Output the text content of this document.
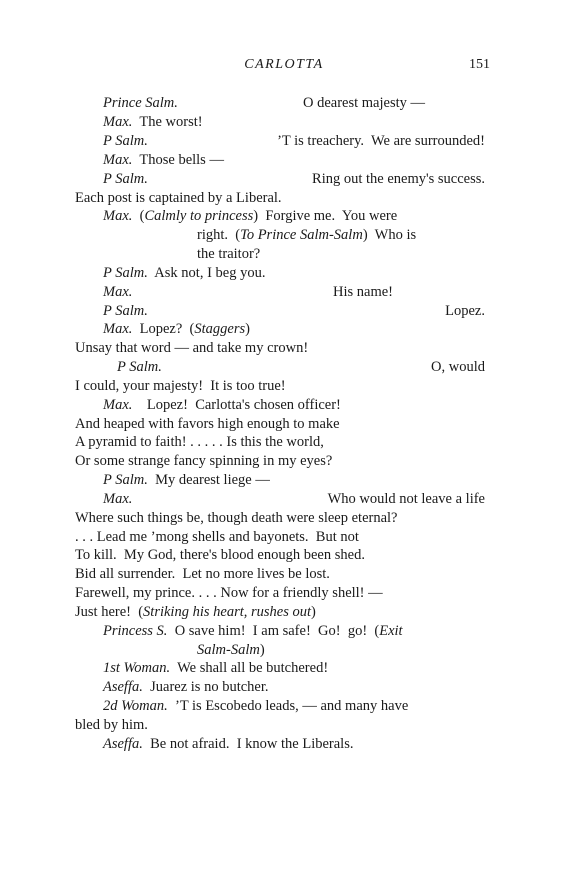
CARLOTTA	151
Prince Salm.	O dearest majesty —
Max.  The worst!
P Salm.	’T is treachery.  We are surrounded!
Max.  Those bells —
P Salm.	Ring out the enemy's success.
Each post is captained by a Liberal.
Max.  (Calmly to princess)  Forgive me.  You were
right.  (To Prince Salm-Salm)  Who is
the traitor?
P Salm.  Ask not, I beg you.
Max.	His name!
P Salm.	Lopez.
Max.  Lopez?  (Staggers)
Unsay that word — and take my crown!
P Salm.	O, would
I could, your majesty!  It is too true!
Max.    Lopez!  Carlotta's chosen officer!
And heaped with favors high enough to make
A pyramid to faith! . . . . . Is this the world,
Or some strange fancy spinning in my eyes?
P Salm.  My dearest liege —
Max.	Who would not leave a life
Where such things be, though death were sleep eternal?
. . . Lead me ’mong shells and bayonets.  But not
To kill.  My God, there's blood enough been shed.
Bid all surrender.  Let no more lives be lost.
Farewell, my prince. . . . Now for a friendly shell! —
Just here!  (Striking his heart, rushes out)
Princess S.  O save him!  I am safe!  Go!  go!  (Exit
Salm-Salm)
1st Woman.  We shall all be butchered!
Aseffa.  Juarez is no butcher.
2d Woman.  ’T is Escobedo leads, — and many have
bled by him.
Aseffa.  Be not afraid.  I know the Liberals.
